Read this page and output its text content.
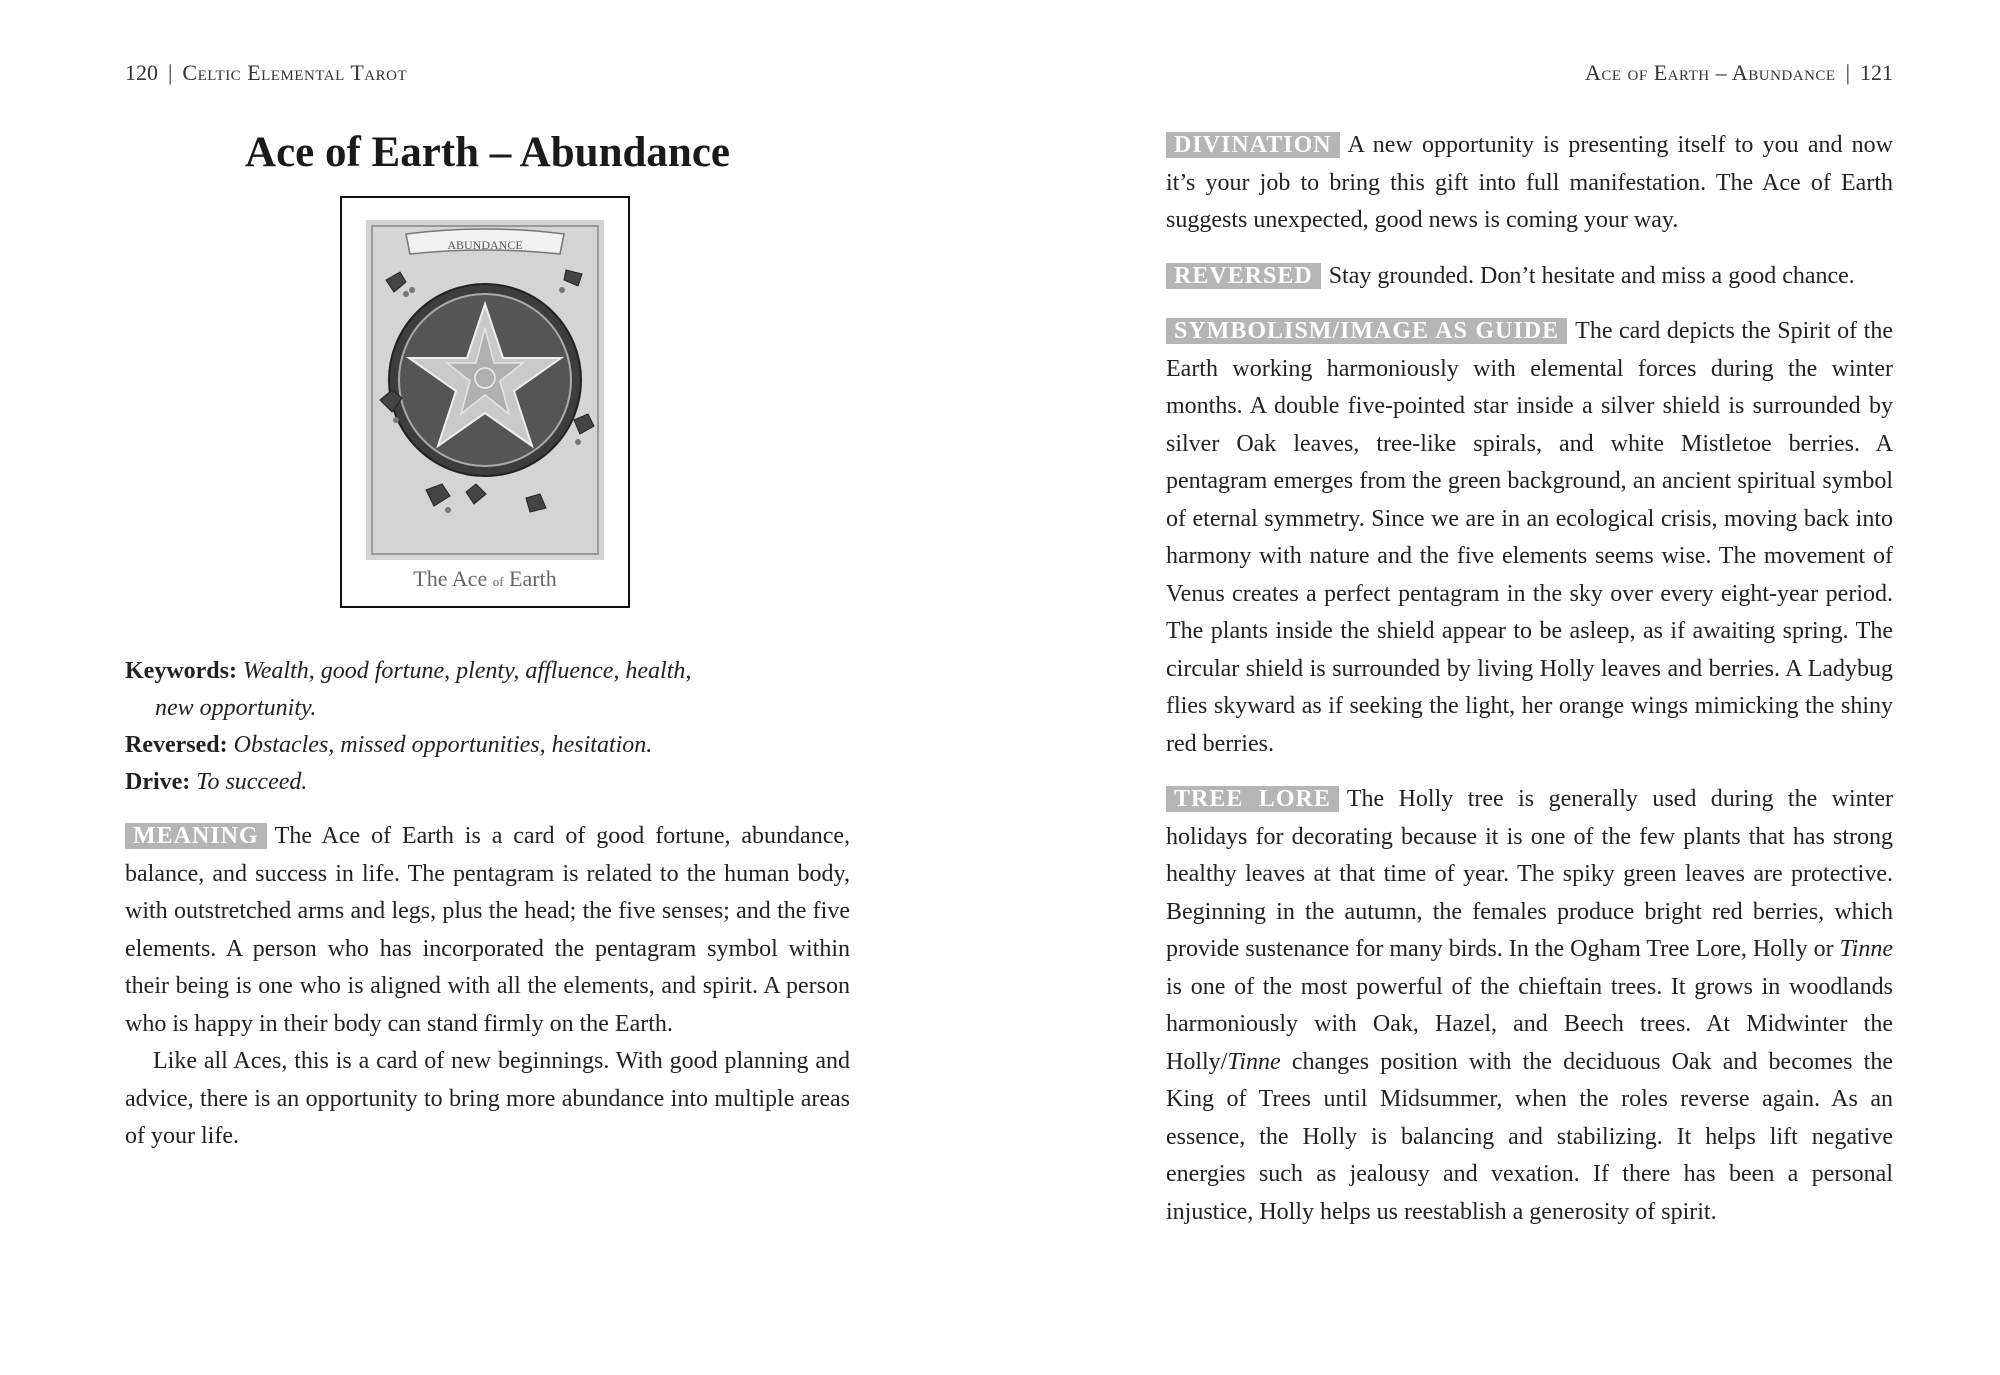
120 | Celtic Elemental Tarot
Ace of Earth – Abundance
ABUNDANCE
The Ace of Earth

Keywords: Wealth, good fortune, plenty, affluence, health,

new opportunity.

Reversed: Obstacles, missed opportunities, hesitation.

Drive: To succeed.

MEANING The Ace of Earth is a card of good fortune, abundance, balance, and success in life. The pentagram is related to the human body, with outstretched arms and legs, plus the head; the five senses; and the five elements. A person who has incorporated the pentagram symbol within their being is one who is aligned with all the elements, and spirit. A person who is happy in their body can stand firmly on the Earth.

Like all Aces, this is a card of new beginnings. With good planning and advice, there is an opportunity to bring more abundance into multiple areas of your life.

Ace of Earth – Abundance | 121

DIVINATION A new opportunity is presenting itself to you and now it’s your job to bring this gift into full manifestation. The Ace of Earth suggests unexpected, good news is coming your way.

REVERSED Stay grounded. Don’t hesitate and miss a good chance.

SYMBOLISM/IMAGE AS GUIDE The card depicts the Spirit of the Earth working harmoniously with elemental forces during the winter months. A double five-pointed star inside a silver shield is surrounded by silver Oak leaves, tree-like spirals, and white Mistletoe berries. A pentagram emerges from the green background, an ancient spiritual symbol of eternal symmetry. Since we are in an ecological crisis, moving back into harmony with nature and the five elements seems wise. The movement of Venus creates a perfect pentagram in the sky over every eight-year period. The plants inside the shield appear to be asleep, as if awaiting spring. The circular shield is surrounded by living Holly leaves and berries. A Ladybug flies skyward as if seeking the light, her orange wings mimicking the shiny red berries.

TREE LORE The Holly tree is generally used during the winter holidays for decorating because it is one of the few plants that has strong healthy leaves at that time of year. The spiky green leaves are protective. Beginning in the autumn, the females produce bright red berries, which provide sustenance for many birds. In the Ogham Tree Lore, Holly or Tinne is one of the most powerful of the chieftain trees. It grows in woodlands harmoniously with Oak, Hazel, and Beech trees. At Midwinter the Holly/Tinne changes position with the deciduous Oak and becomes the King of Trees until Midsummer, when the roles reverse again. As an essence, the Holly is balancing and stabilizing. It helps lift negative energies such as jealousy and vexation. If there has been a personal injustice, Holly helps us reestablish a generosity of spirit.
